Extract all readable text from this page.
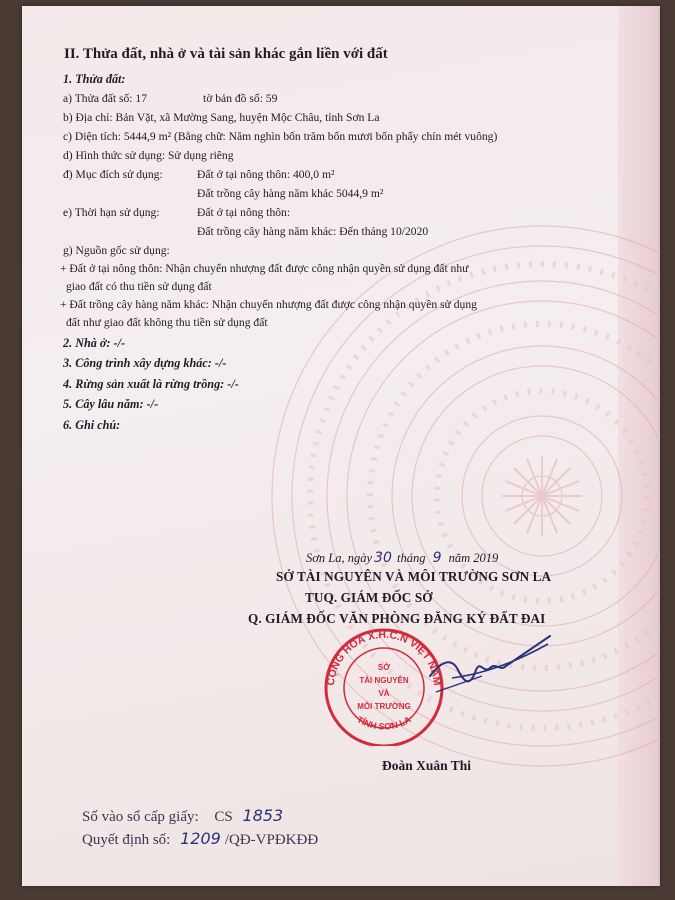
II. Thửa đất, nhà ở và tài sản khác gắn liền với đất
1. Thửa đất:
a) Thửa đất số: 17	tờ bản đồ số: 59
b) Địa chỉ: Bản Vặt, xã Mường Sang, huyện Mộc Châu, tỉnh Sơn La
c) Diện tích: 5444,9 m² (Bằng chữ: Năm nghìn bốn trăm bốn mươi bốn phẩy chín mét vuông)
d) Hình thức sử dụng: Sử dụng riêng
đ) Mục đích sử dụng:	Đất ở tại nông thôn: 400,0 m²
Đất trồng cây hàng năm khác 5044,9 m²
e) Thời hạn sử dụng:	Đất ở tại nông thôn:
Đất trồng cây hàng năm khác: Đến tháng 10/2020
g) Nguồn gốc sử dụng:
+ Đất ở tại nông thôn: Nhận chuyển nhượng đất được công nhận quyền sử dụng đất như
giao đất có thu tiền sử dụng đất
+ Đất trồng cây hàng năm khác: Nhận chuyển nhượng đất được công nhận quyền sử dụng
đất như giao đất không thu tiền sử dụng đất
2. Nhà ở: -/-
3. Công trình xây dựng khác: -/-
4. Rừng sản xuất là rừng trồng: -/-
5. Cây lâu năm: -/-
6. Ghi chú:
Sơn La, ngày 30 tháng 9 năm 2019
SỞ TÀI NGUYÊN VÀ MÔI TRƯỜNG SƠN LA
TUQ. GIÁM ĐỐC SỞ
Q. GIÁM ĐỐC VĂN PHÒNG ĐĂNG KÝ ĐẤT ĐAI
CỘNG HOÀ X.H.C.N VIỆT NAM
TỈNH SƠN LA
SỞ
TÀI NGUYÊN
VÀ
MÔI TRƯỜNG
Đoàn Xuân Thi
Số vào sổ cấp giấy: CS 1853
Quyết định số: 1209 /QĐ-VPĐKĐĐ
